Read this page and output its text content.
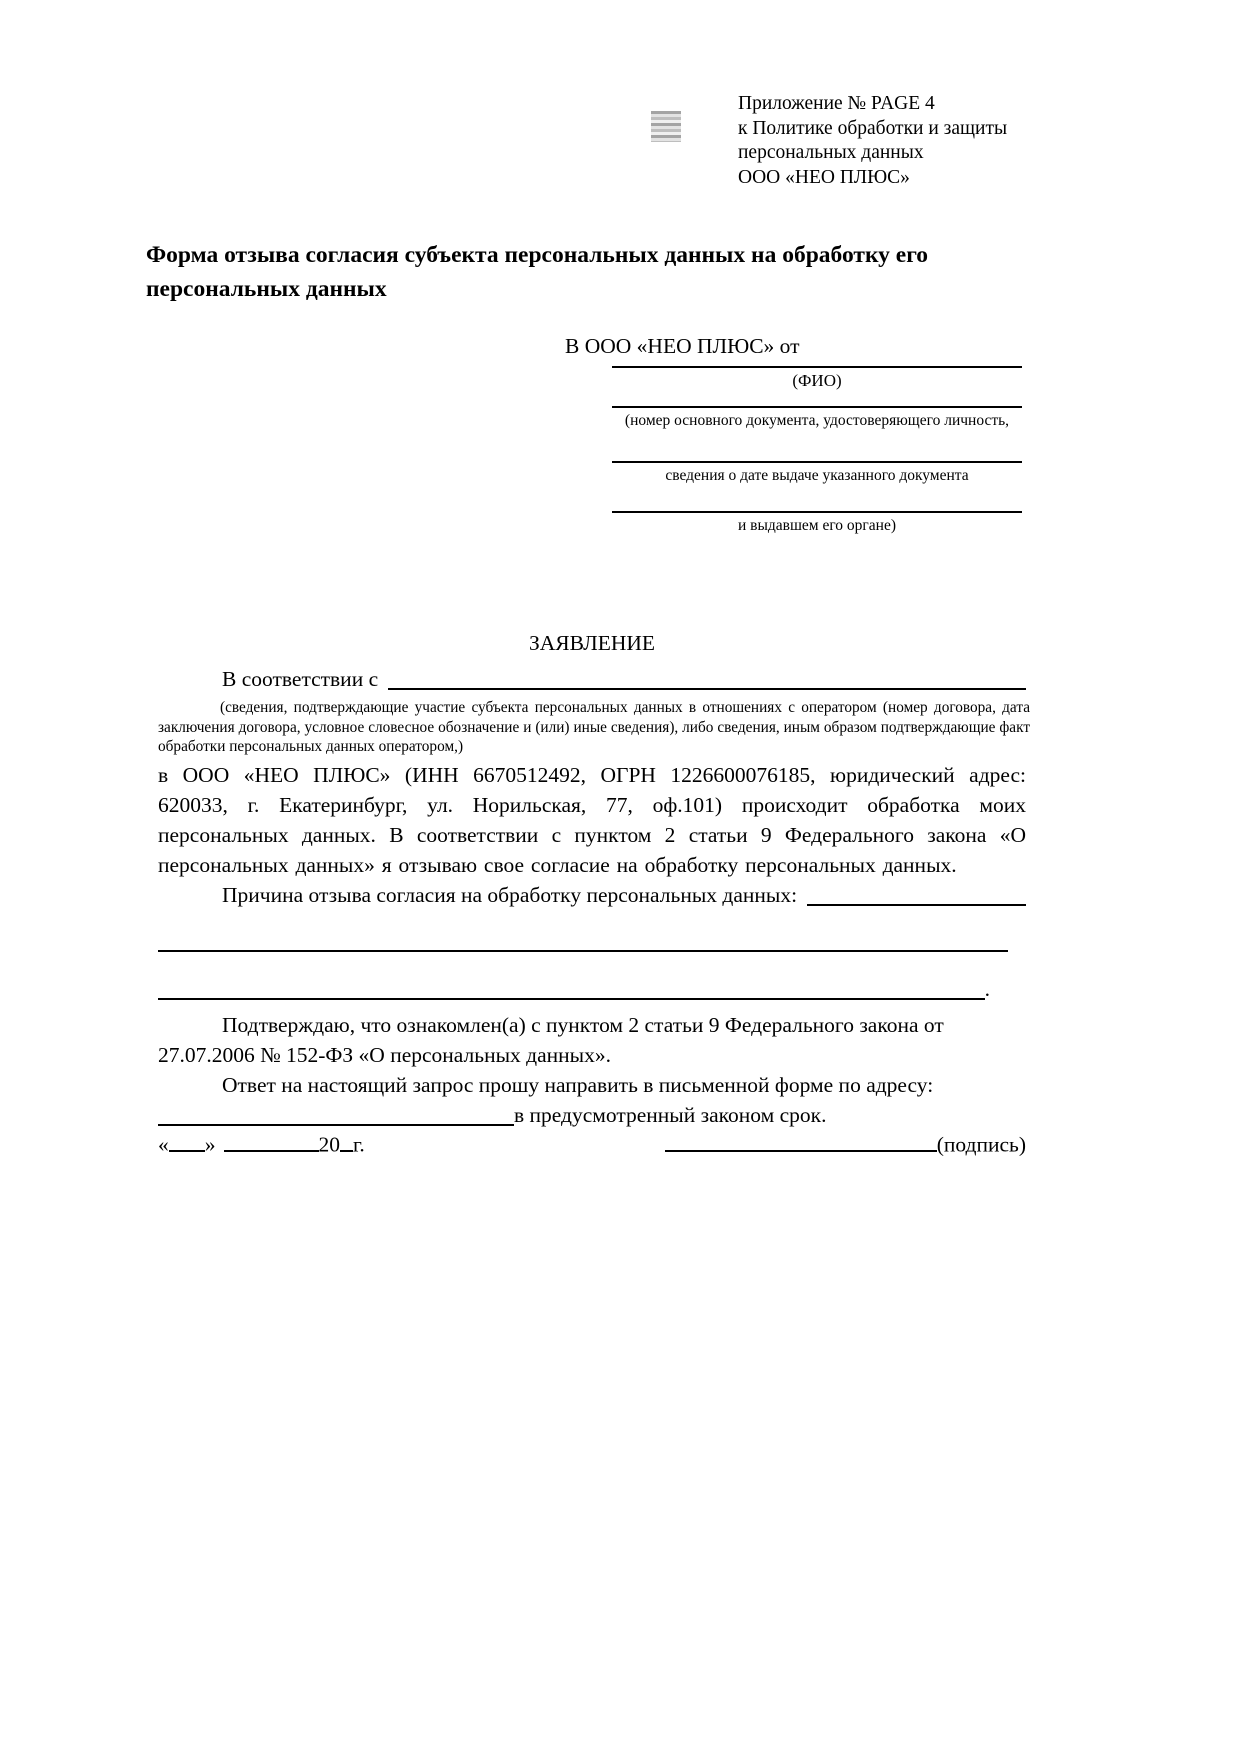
Приложение № PAGE 4
к Политике обработки и защиты
персональных данных
ООО «НЕО ПЛЮС»
Форма отзыва согласия субъекта персональных данных на обработку его персональных данных
В ООО «НЕО ПЛЮС» от
(ФИО)
(номер основного документа, удостоверяющего личность,
сведения о дате выдаче указанного документа
и выдавшем его органе)
ЗАЯВЛЕНИЕ
В соответствии с

(сведения, подтверждающие участие субъекта персональных данных в отношениях с оператором (номер договора, дата заключения договора, условное словесное обозначение и (или) иные сведения), либо сведения, иным образом подтверждающие факт обработки персональных данных оператором,)

в ООО «НЕО ПЛЮС» (ИНН 6670512492, ОГРН 1226600076185, юридический адрес: 620033, г. Екатеринбург, ул. Норильская, 77, оф.101) происходит обработка моих персональных данных. В соответствии с пунктом 2 статьи 9 Федерального закона «О персональных данных» я отзываю свое согласие на обработку персональных данных.

Причина отзыва согласия на обработку персональных данных:
.

Подтверждаю, что ознакомлен(а) с пунктом 2 статьи 9 Федерального закона от 27.07.2006 № 152-ФЗ «О персональных данных».

Ответ на настоящий запрос прошу направить в письменной форме по адресу:

в предусмотренный законом срок.
« »	20 г.	(подпись)
